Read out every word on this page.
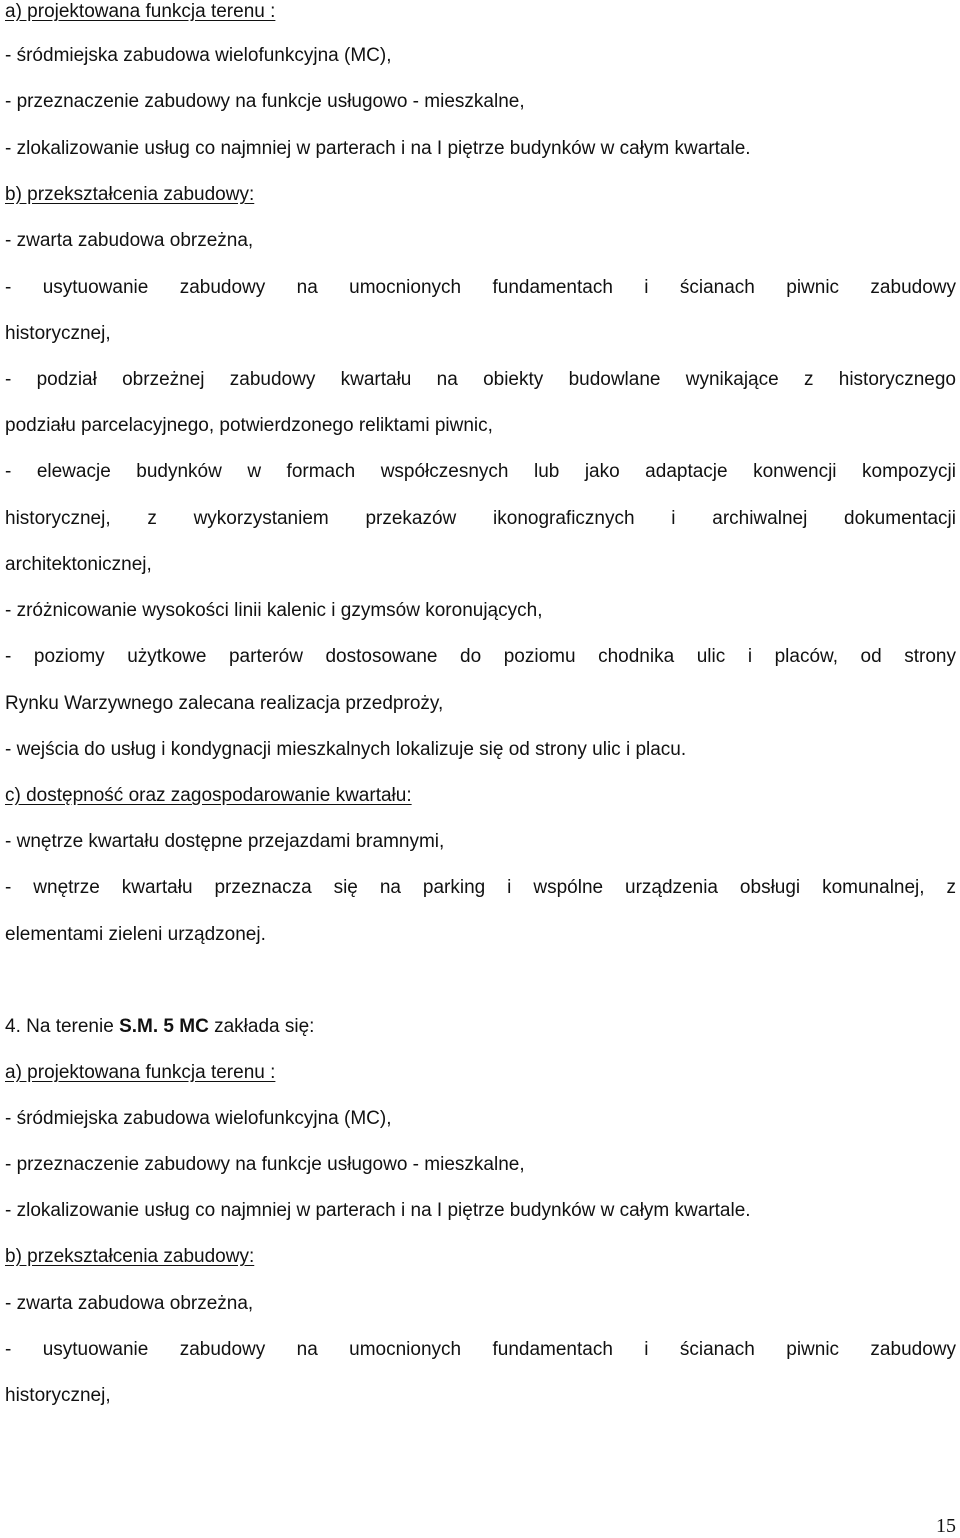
a) projektowana funkcja terenu :
- śródmiejska zabudowa wielofunkcyjna (MC),
- przeznaczenie zabudowy na funkcje usługowo - mieszkalne,
- zlokalizowanie usług co najmniej w parterach i na I piętrze budynków w całym kwartale.
b) przekształcenia zabudowy:
- zwarta zabudowa obrzeżna,
- usytuowanie zabudowy na umocnionych fundamentach i ścianach piwnic zabudowy
historycznej,
- podział obrzeżnej zabudowy kwartału na obiekty budowlane wynikające z historycznego
podziału parcelacyjnego, potwierdzonego reliktami piwnic,
- elewacje budynków w formach współczesnych lub jako adaptacje konwencji kompozycji
historycznej, z wykorzystaniem przekazów ikonograficznych i archiwalnej dokumentacji
architektonicznej,
- zróżnicowanie wysokości linii kalenic i gzymsów koronujących,
- poziomy użytkowe parterów dostosowane do poziomu chodnika ulic i placów, od strony
Rynku Warzywnego zalecana realizacja przedproży,
- wejścia do usług i kondygnacji mieszkalnych lokalizuje się od strony ulic i placu.
c) dostępność oraz zagospodarowanie kwartału:
- wnętrze kwartału dostępne przejazdami bramnymi,
- wnętrze kwartału przeznacza się na parking i wspólne urządzenia obsługi komunalnej, z
elementami zieleni urządzonej.
4. Na terenie S.M. 5 MC zakłada się:
a) projektowana funkcja terenu :
- śródmiejska zabudowa wielofunkcyjna (MC),
- przeznaczenie zabudowy na funkcje usługowo - mieszkalne,
- zlokalizowanie usług co najmniej w parterach i na I piętrze budynków w całym kwartale.
b) przekształcenia zabudowy:
- zwarta zabudowa obrzeżna,
- usytuowanie zabudowy na umocnionych fundamentach i ścianach piwnic zabudowy
historycznej,
15
